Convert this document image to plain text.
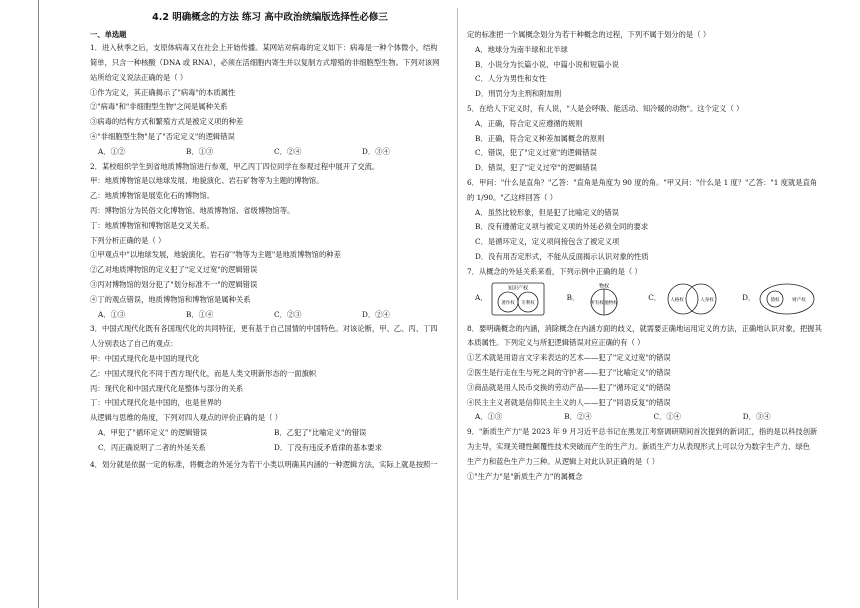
4.2 明确概念的方法 练习 高中政治统编版选择性必修三
一、单选题

1．进入秋季之后，支原体病毒又在社会上开始传播。某网站对病毒的定义如下：病毒是一种个体微小，结构

简单，只含一种核酸（DNA 或 RNA），必须在活细胞内寄生并以复制方式增殖的非细胞型生物。下列对该网

站所给定义说法正确的是（ ）

①作为定义，其正确揭示了"病毒"的本质属性

②"病毒"和"非细胞型生物"之间是属种关系

③病毒的结构方式和繁殖方式是被定义项的种差

④"非细胞型生物"是了"否定定义"的逻辑错误

A．①②	B．①③	C．②④	D．③④

2．某校组织学生到省地质博物馆进行参观，甲乙丙丁四位同学在参观过程中展开了交流。

甲：地质博物馆是以地球发展、地貌演化、岩石矿物等为主题的博物馆。

乙：地质博物馆是展览化石的博物馆。

丙：博物馆分为民俗文化博物馆、地质博物馆、省级博物馆等。

丁：地质博物馆和博物馆是交叉关系。

下列分析正确的是（ ）

①甲观点中"以地球发展，地貌演化，岩石矿"物等为主题"是地质博物馆的种差

②乙对地质博物馆的定义犯了"定义过宽"的逻辑错误

③丙对博物馆的划分犯了"划分标准不一"的逻辑错误

④丁的观点错误，地质博物馆和博物馆是属种关系

A．①③	B．①④	C．②③	D．②④

3．中国式现代化既有各国现代化的共同特征，更有基于自己国情的中国特色。对该论断，甲、乙、丙、丁四

人分别表达了自己的观点：

甲：中国式现代化是中国的现代化

乙：中国式现代化不同于西方现代化，而是人类文明新形态的一面旗帜

丙：现代化和中国式现代化是整体与部分的关系

丁：中国式现代化是中国的，也是世界的

从逻辑与思维的角度，下列对四人观点的评价正确的是（ ）

A．甲犯了"循环定义" 的逻辑错误	B．乙犯了"比喻定义"的错误
C．丙正确说明了二者的外延关系	D．丁没有违反矛盾律的基本要求

4．划分就是依据一定的标准，将概念的外延分为若干小类以明确其内涵的一种逻辑方法，实际上就是按照一

定的标准把一个属概念划分为若干种概念的过程，下列不属于划分的是（ ）

A．地球分为南半球和北半球
B．小说分为长篇小说、中篇小说和短篇小说
C．人分为男性和女性
D．刑罚分为主刑和附加刑

5．在给人下定义时，有人说，"人是会呼吸、能活动、知冷暖的动物"。这个定义（ ）

A．正确，符合定义应遵循的规则
B．正确，符合定义种差加属概念的原则
C．错误，犯了"定义过宽"的逻辑错误
D．错误，犯了"定义过窄"的逻辑错误

6．甲问："什么是直角？"乙答："直角是角度为 90 度的角。"甲又问："什么是 1 度？"乙答："1 度就是直角

的 1/90。"乙这样回答（ ）

A．虽然比较形象，但是犯了比喻定义的错误
B．没有遵循定义项与被定义项的外延必须全同的要求
C．是循环定义，定义项间接包含了被定义项
D．没有用否定形式，不能从反面揭示认识对象的性质

7．从概念的外延关系来看，下列示例中正确的是（ ）

A．
知识产权
著作权 专利权
B．
物权
所有权 他物权
C． 人格权	人身权	D．	债权	财产权

8．要明确概念的内涵，消除概念在内涵方面的歧义，就需要正确地运用定义的方法，正确地认识对象，把握其

本质属性。下列定义与所犯逻辑错误对应正确的有（ ）

①艺术就是用语言文字来表达的艺术——犯了"定义过宽"的错误

②医生是行走在生与死之间的守护者——犯了"比喻定义"的错误

③商品就是用人民币交换的劳动产品——犯了"循环定义"的错误

④民主主义者就是信仰民主主义的人——犯了"同语反复"的错误

A．①③	B．②④	C．①④	D．③④

9．"新质生产力"是 2023 年 9 月习近平总书记在黑龙江考察调研期间首次提到的新词汇，指的是以科技创新

为主导，实现关键性颠覆性技术突破而产生的生产力。新质生产力从表现形式上可以分为数字生产力、绿色

生产力和蓝色生产力三种。从逻辑上对此认识正确的是（ ）

①"生产力"是"新质生产力"的属概念
